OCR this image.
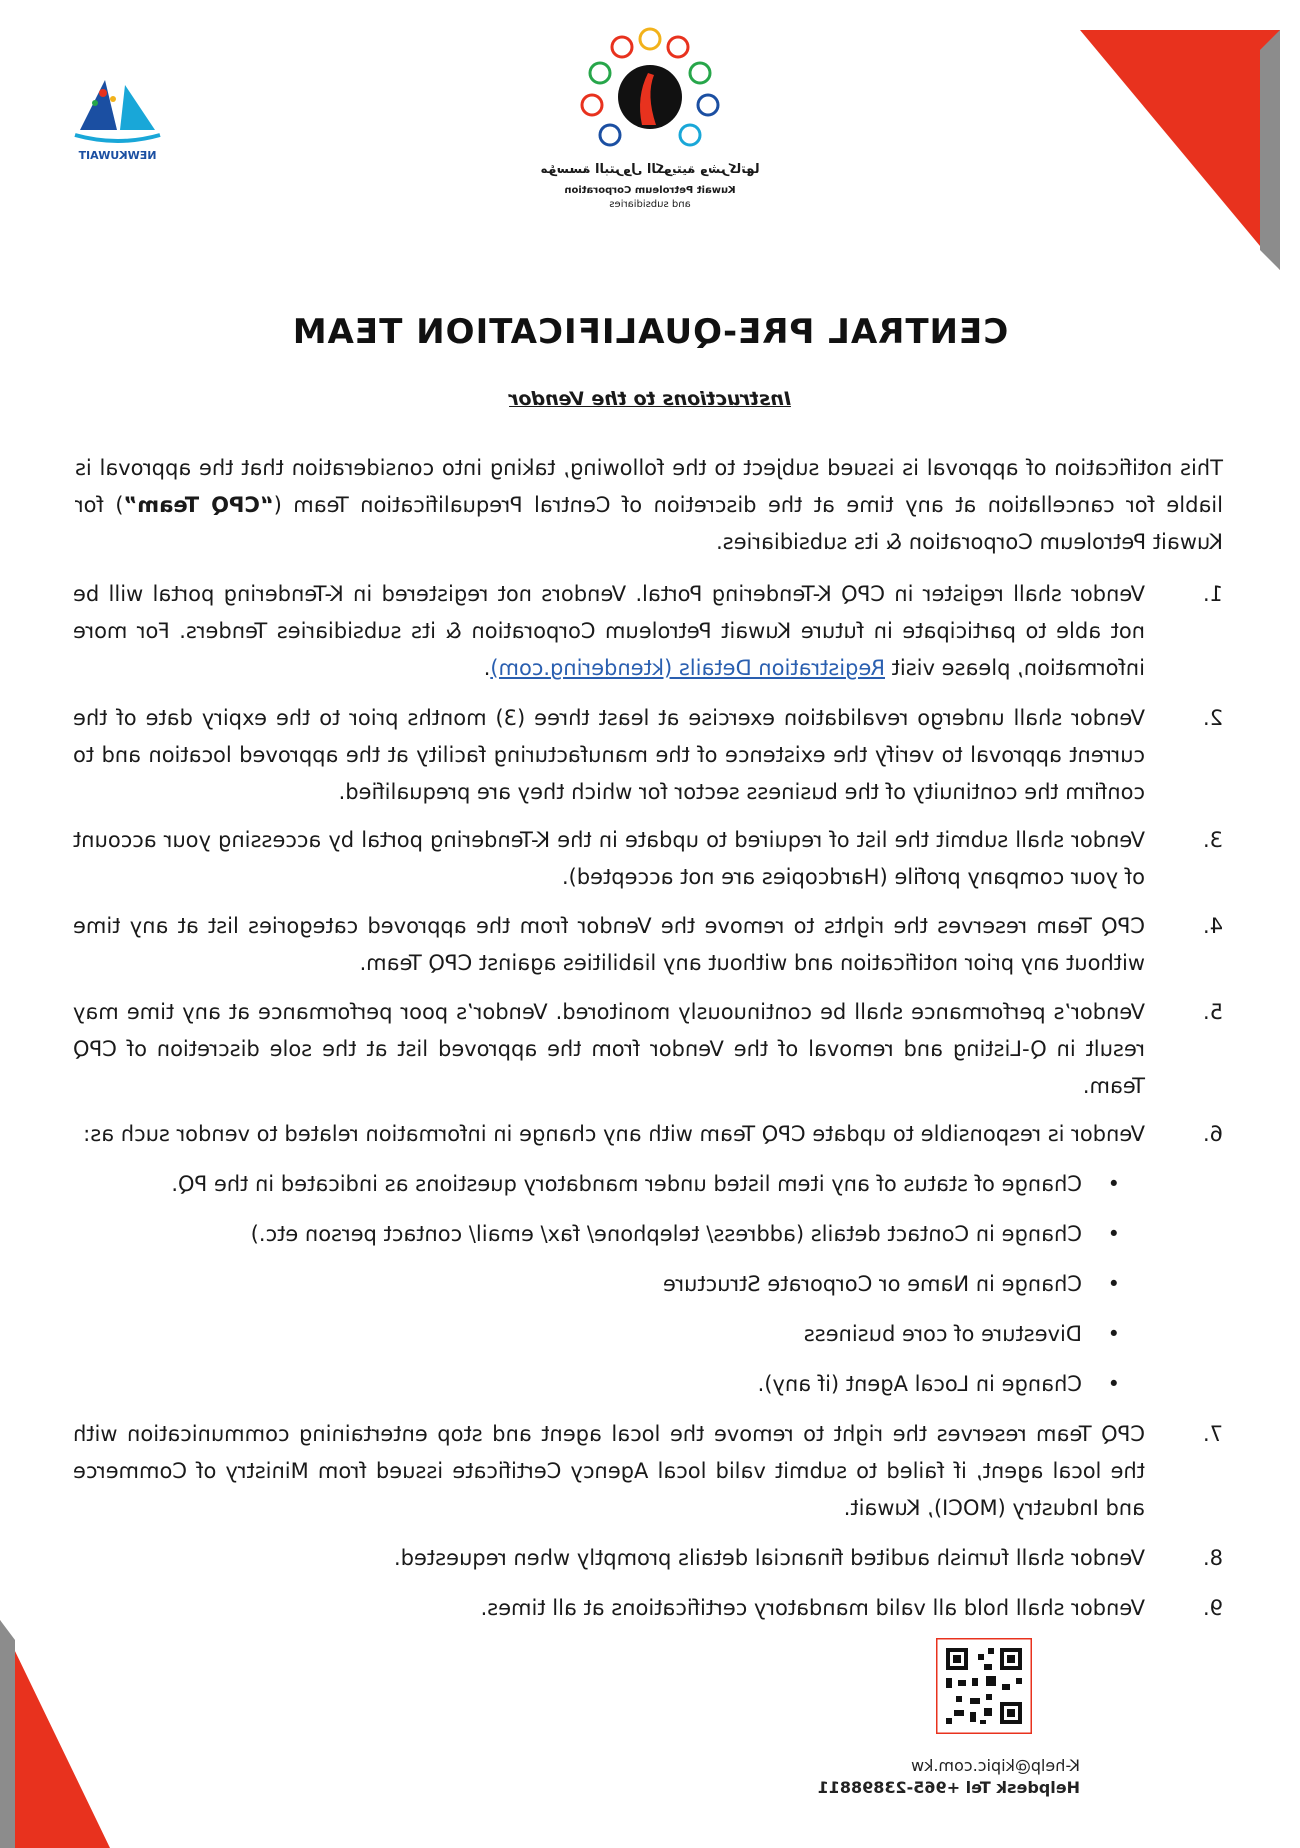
NEWKUWAIT
مؤسسة البترول الكويتية وشركاتها
Kuwait Petroleum Corporation
and subsidiaries
CENTRAL PRE-QUALIFICATION TEAM
Instructions to the Vendor
This notification of approval is issued subject to the following, taking into consideration that the approval is liable for cancellation at any time at the discretion of Central Prequalification Team (“CPQ Team”) for Kuwait Petroleum Corporation & its subsidiaries.
1.
Vendor shall register in CPQ K-Tendering Portal. Vendors not registered in K-Tendering portal will be not able to participate in future Kuwait Petroleum Corporation & its subsidiaries Tenders. For more information, please visit Registration Details (ktendering.com).
2.
Vendor shall undergo revalidation exercise at least three (3) months prior to the expiry date of the current approval to verify the existence of the manufacturing facility at the approved location and to confirm the continuity of the business sector for which they are prequalified.
3.
Vendor shall submit the list of required to update in the K-Tendering portal by accessing your account of your company profile (Hardcopies are not accepted).
4.
CPQ Team reserves the rights to remove the Vendor from the approved categories list at any time without any prior notification and without any liabilities against CPQ Team.
5.
Vendor’s performance shall be continuously monitored. Vendor’s poor performance at any time may result in Q-Listing and removal of the Vendor from the approved list at the sole discretion of CPQ Team.
6.
Vendor is responsible to update CPQ Team with any change in information related to vendor such as:
•
Change of status of any item listed under mandatory questions as indicated in the PQ.
•
Change in Contact details (address/ telephone/ fax/ email/ contact person etc.)
•
Change in Name or Corporate Structure
•
Divesture of core business
•
Change in Local Agent (if any).
7.
CPQ Team reserves the right to remove the local agent and stop entertaining communication with the local agent, if failed to submit valid local Agency Certificate issued from Ministry of Commerce and Industry (MOCI), Kuwait.
8.
Vendor shall furnish audited financial details promptly when requested.
9.
Vendor shall hold all valid mandatory certifications at all times.
K-help@kipic.com.kw
Helpdesk Tel +965-23898811
